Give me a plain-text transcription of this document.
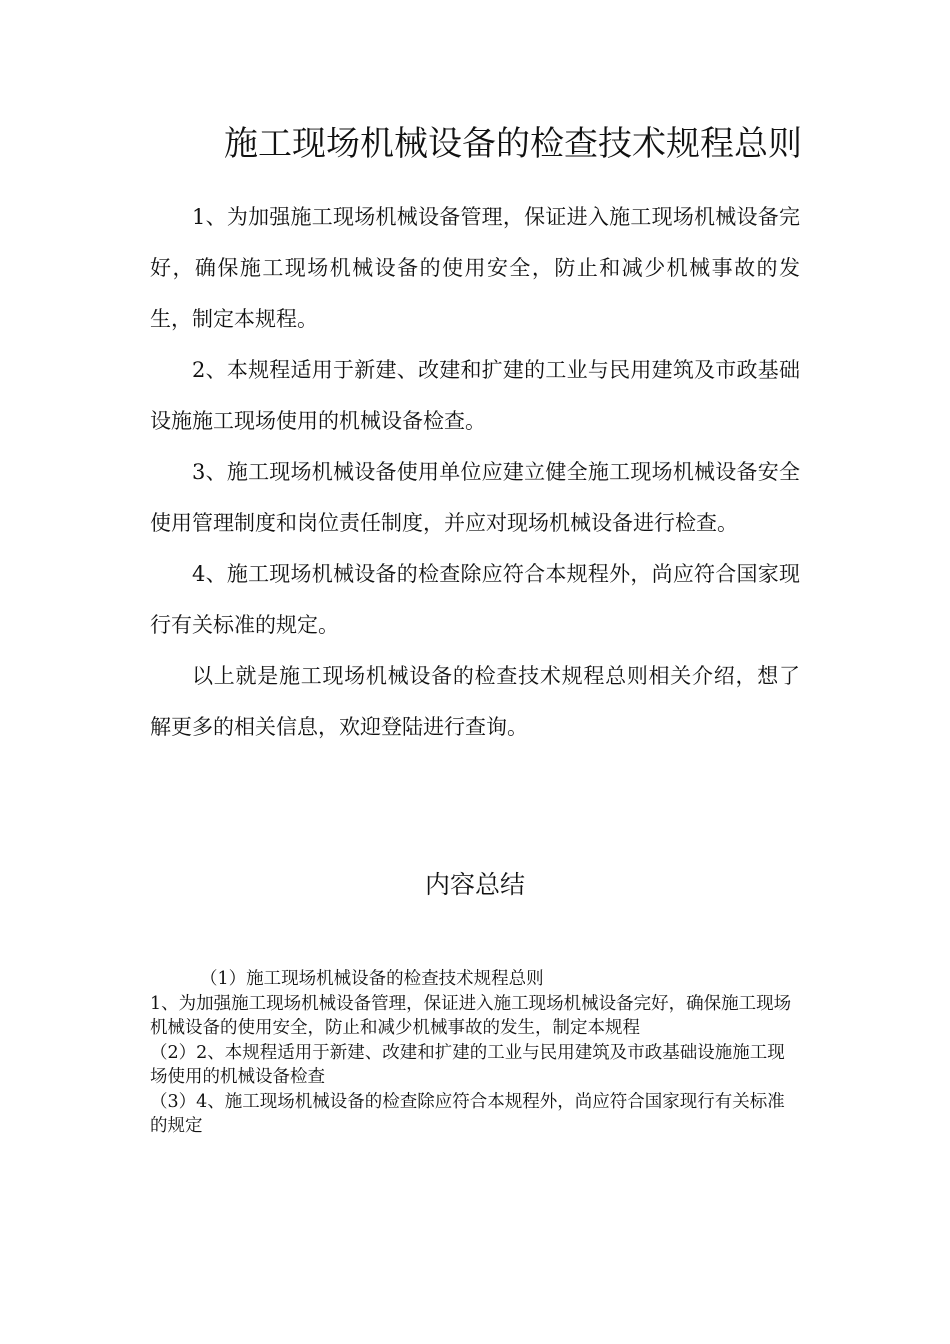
施工现场机械设备的检查技术规程总则

1、为加强施工现场机械设备管理，保证进入施工现场机械设备完好，确保施工现场机械设备的使用安全，防止和减少机械事故的发生，制定本规程。

2、本规程适用于新建、改建和扩建的工业与民用建筑及市政基础设施施工现场使用的机械设备检查。

3、施工现场机械设备使用单位应建立健全施工现场机械设备安全使用管理制度和岗位责任制度，并应对现场机械设备进行检查。

4、施工现场机械设备的检查除应符合本规程外，尚应符合国家现行有关标准的规定。

以上就是施工现场机械设备的检查技术规程总则相关介绍，想了解更多的相关信息，欢迎登陆进行查询。

内容总结

（1）施工现场机械设备的检查技术规程总则

1、为加强施工现场机械设备管理，保证进入施工现场机械设备完好，确保施工现场机械设备的使用安全，防止和减少机械事故的发生，制定本规程

（2）2、本规程适用于新建、改建和扩建的工业与民用建筑及市政基础设施施工现场使用的机械设备检查

（3）4、施工现场机械设备的检查除应符合本规程外，尚应符合国家现行有关标准的规定
